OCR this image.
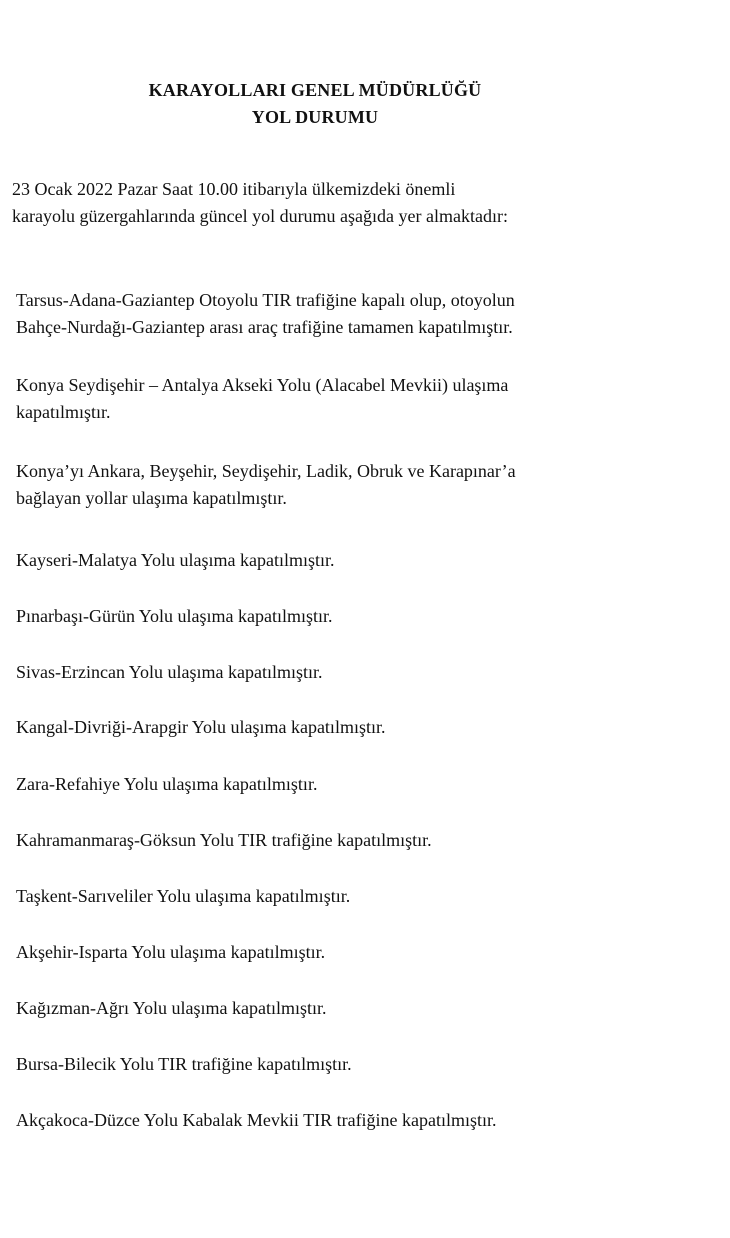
KARAYOLLARI GENEL MÜDÜRLÜĞÜ
YOL DURUMU
23 Ocak 2022 Pazar Saat 10.00 itibarıyla ülkemizdeki önemli
karayolu güzergahlarında güncel yol durumu aşağıda yer almaktadır:
Tarsus-Adana-Gaziantep Otoyolu TIR trafiğine kapalı olup, otoyolun
Bahçe-Nurdağı-Gaziantep arası araç trafiğine tamamen kapatılmıştır.
Konya Seydişehir – Antalya Akseki Yolu (Alacabel Mevkii) ulaşıma
kapatılmıştır.
Konya’yı Ankara, Beyşehir, Seydişehir, Ladik, Obruk ve Karapınar’a
bağlayan yollar ulaşıma kapatılmıştır.
Kayseri-Malatya Yolu ulaşıma kapatılmıştır.
Pınarbaşı-Gürün Yolu ulaşıma kapatılmıştır.
Sivas-Erzincan Yolu ulaşıma kapatılmıştır.
Kangal-Divriği-Arapgir Yolu ulaşıma kapatılmıştır.
Zara-Refahiye Yolu ulaşıma kapatılmıştır.
Kahramanmaraş-Göksun Yolu TIR trafiğine kapatılmıştır.
Taşkent-Sarıveliler Yolu ulaşıma kapatılmıştır.
Akşehir-Isparta Yolu ulaşıma kapatılmıştır.
Kağızman-Ağrı Yolu ulaşıma kapatılmıştır.
Bursa-Bilecik Yolu TIR trafiğine kapatılmıştır.
Akçakoca-Düzce Yolu Kabalak Mevkii TIR trafiğine kapatılmıştır.
